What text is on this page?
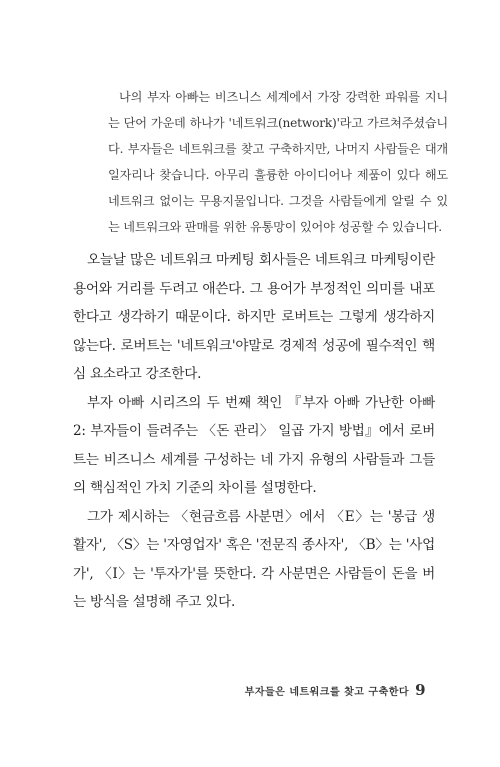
나의 부자 아빠는 비즈니스 세계에서 가장 강력한 파워를 지니는 단어 가운데 하나가 '네트워크(network)'라고 가르쳐주셨습니다. 부자들은 네트워크를 찾고 구축하지만, 나머지 사람들은 대개 일자리나 찾습니다. 아무리 훌륭한 아이디어나 제품이 있다 해도 네트워크 없이는 무용지물입니다. 그것을 사람들에게 알릴 수 있는 네트워크와 판매를 위한 유통망이 있어야 성공할 수 있습니다.

오늘날 많은 네트워크 마케팅 회사들은 네트워크 마케팅이란 용어와 거리를 두려고 애쓴다. 그 용어가 부정적인 의미를 내포한다고 생각하기 때문이다. 하지만 로버트는 그렇게 생각하지 않는다. 로버트는 '네트워크'야말로 경제적 성공에 필수적인 핵심 요소라고 강조한다.

부자 아빠 시리즈의 두 번째 책인 『부자 아빠 가난한 아빠 2: 부자들이 들려주는 〈돈 관리〉 일곱 가지 방법』에서 로버트는 비즈니스 세계를 구성하는 네 가지 유형의 사람들과 그들의 핵심적인 가치 기준의 차이를 설명한다.

그가 제시하는 〈현금흐름 사분면〉에서 〈E〉는 '봉급 생활자', 〈S〉는 '자영업자' 혹은 '전문직 종사자', 〈B〉는 '사업가', 〈I〉는 '투자가'를 뜻한다. 각 사분면은 사람들이 돈을 버는 방식을 설명해 주고 있다.

부자들은 네트워크를 찾고 구축한다 9
